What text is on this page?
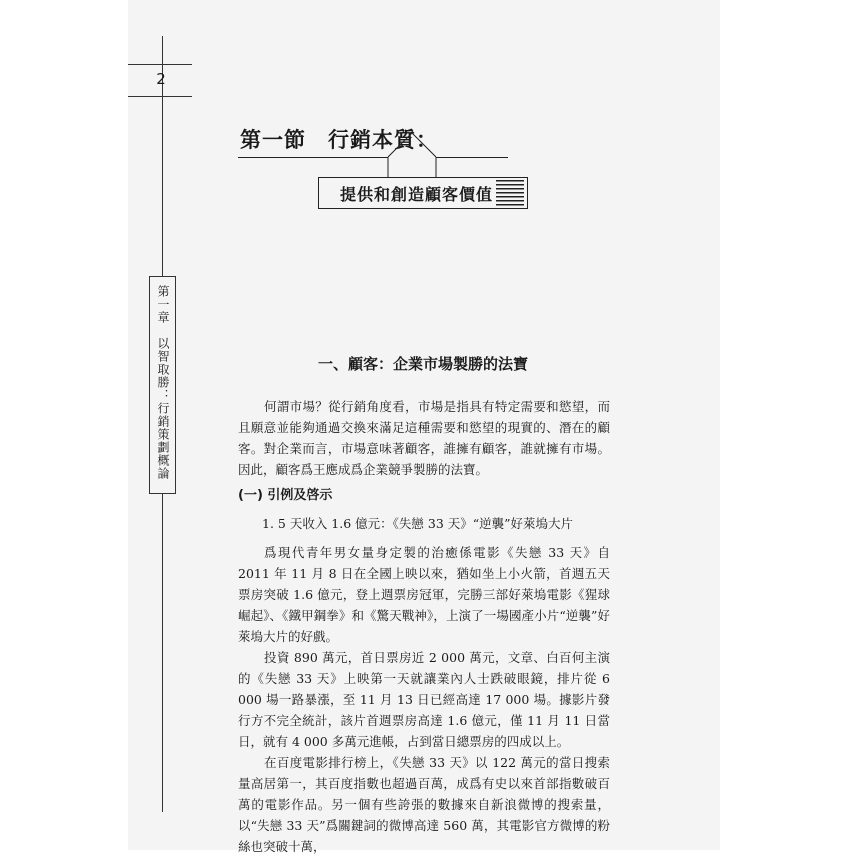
2
第一章　以智取勝：行銷策劃概論
第一節　行銷本質：
提供和創造顧客價值
一、顧客：企業市場製勝的法寶

何謂市場？從行銷角度看，市場是指具有特定需要和慾望，而且願意並能夠通過交換來滿足這種需要和慾望的現實的、潛在的顧客。對企業而言，市場意味著顧客，誰擁有顧客，誰就擁有市場。因此，顧客爲王應成爲企業競爭製勝的法寶。

(一) 引例及啓示
1. 5 天收入 1.6 億元：《失戀 33 天》“逆襲”好萊塢大片

爲現代青年男女量身定製的治癒係電影《失戀 33 天》自 2011 年 11 月 8 日在全國上映以來，猶如坐上小火箭，首週五天票房突破 1.6 億元，登上週票房冠軍，完勝三部好萊塢電影《猩球崛起》、《鐵甲鋼拳》和《驚天戰神》，上演了一場國產小片“逆襲”好萊塢大片的好戲。

投資 890 萬元，首日票房近 2 000 萬元，文章、白百何主演的《失戀 33 天》上映第一天就讓業內人士跌破眼鏡，排片從 6 000 場一路暴漲，至 11 月 13 日已經高達 17 000 場。據影片發行方不完全統計，該片首週票房高達 1.6 億元，僅 11 月 11 日當日，就有 4 000 多萬元進帳，占到當日總票房的四成以上。

在百度電影排行榜上，《失戀 33 天》以 122 萬元的當日搜索量高居第一，其百度指數也超過百萬，成爲有史以來首部指數破百萬的電影作品。另一個有些誇張的數據來自新浪微博的搜索量，以“失戀 33 天”爲關鍵詞的微博高達 560 萬，其電影官方微博的粉絲也突破十萬，
